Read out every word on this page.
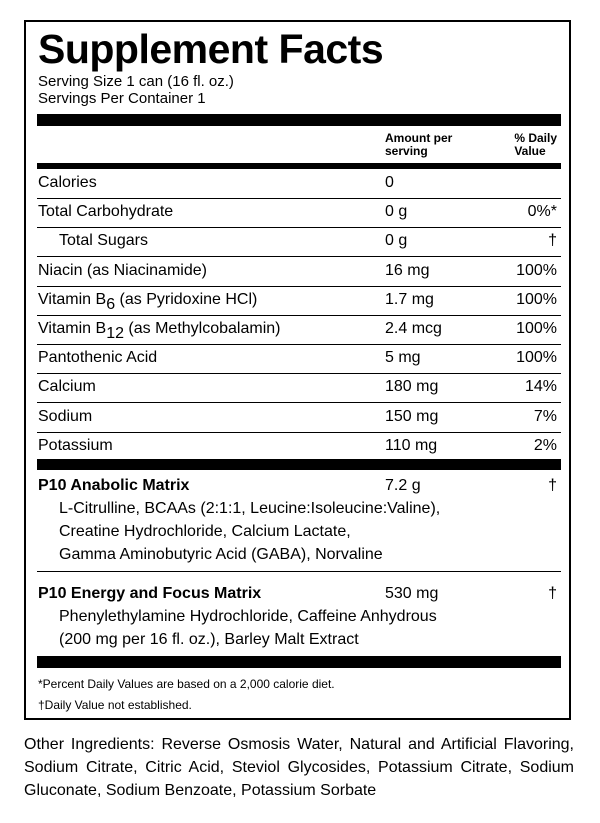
Supplement Facts
Serving Size 1 can (16 fl. oz.)
Servings Per Container 1
Amount per
serving
% Daily
Value
Calories	0
Total Carbohydrate	0 g	0%*
Total Sugars	0 g	†
Niacin (as Niacinamide)	16 mg	100%
Vitamin B6 (as Pyridoxine HCl)	1.7 mg	100%
Vitamin B12 (as Methylcobalamin)	2.4 mcg	100%
Pantothenic Acid	5 mg	100%
Calcium	180 mg	14%
Sodium	150 mg	7%
Potassium	110 mg	2%
P10 Anabolic Matrix	7.2 g	†
L-Citrulline, BCAAs (2:1:1, Leucine:Isoleucine:Valine),
Creatine Hydrochloride, Calcium Lactate,
Gamma Aminobutyric Acid (GABA), Norvaline
P10 Energy and Focus Matrix	530 mg	†
Phenylethylamine Hydrochloride, Caffeine Anhydrous
(200 mg per 16 fl. oz.), Barley Malt Extract
*Percent Daily Values are based on a 2,000 calorie diet.
†Daily Value not established.
Other Ingredients: Reverse Osmosis Water, Natural and Artificial Flavoring, Sodium Citrate, Citric Acid, Steviol Glycosides, Potassium Citrate, Sodium Gluconate, Sodium Benzoate, Potassium Sorbate
